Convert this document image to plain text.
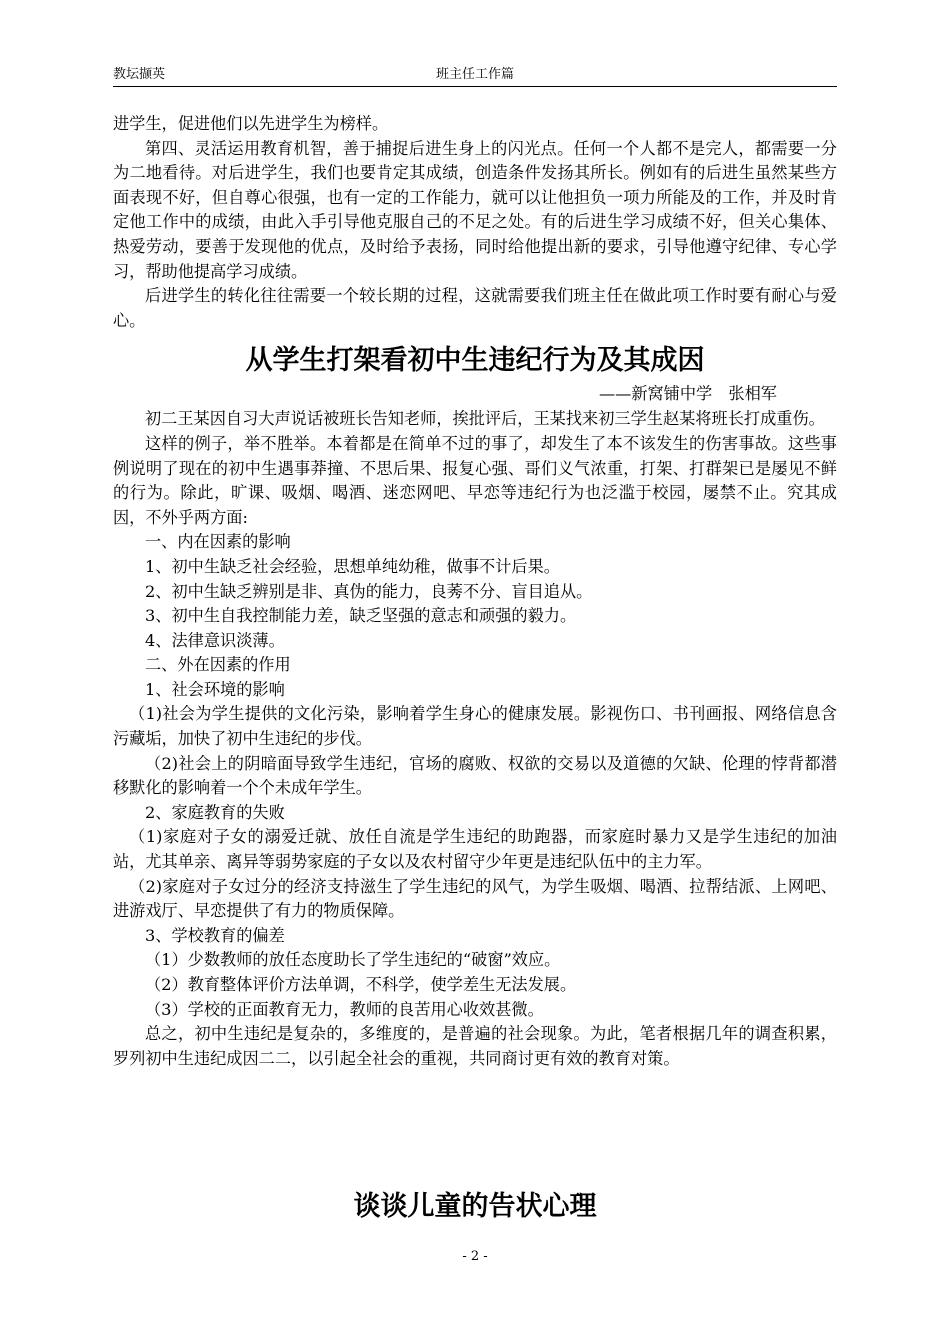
教坛撷英	班主任工作篇

进学生，促进他们以先进学生为榜样。

第四、灵活运用教育机智，善于捕捉后进生身上的闪光点。任何一个人都不是完人，都需要一分为二地看待。对后进学生，我们也要肯定其成绩，创造条件发扬其所长。例如有的后进生虽然某些方面表现不好，但自尊心很强，也有一定的工作能力，就可以让他担负一项力所能及的工作，并及时肯定他工作中的成绩，由此入手引导他克服自己的不足之处。有的后进生学习成绩不好，但关心集体、热爱劳动，要善于发现他的优点，及时给予表扬，同时给他提出新的要求，引导他遵守纪律、专心学习，帮助他提高学习成绩。

后进学生的转化往往需要一个较长期的过程，这就需要我们班主任在做此项工作时要有耐心与爱心。

从学生打架看初中生违纪行为及其成因

——新窝铺中学　张相军

初二王某因自习大声说话被班长告知老师，挨批评后，王某找来初三学生赵某将班长打成重伤。

这样的例子，举不胜举。本着都是在简单不过的事了，却发生了本不该发生的伤害事故。这些事例说明了现在的初中生遇事莽撞、不思后果、报复心强、哥们义气浓重，打架、打群架已是屡见不鲜的行为。除此，旷课、吸烟、喝酒、迷恋网吧、早恋等违纪行为也泛滥于校园，屡禁不止。究其成因，不外乎两方面:

一、内在因素的影响

1、初中生缺乏社会经验，思想单纯幼稚，做事不计后果。

2、初中生缺乏辨别是非、真伪的能力，良莠不分、盲目追从。

3、初中生自我控制能力差，缺乏坚强的意志和顽强的毅力。

4、法律意识淡薄。

二、外在因素的作用

1、社会环境的影响

（1)社会为学生提供的文化污染，影响着学生身心的健康发展。影视伤口、书刊画报、网络信息含污藏垢，加快了初中生违纪的步伐。

（2)社会上的阴暗面导致学生违纪，官场的腐败、权欲的交易以及道德的欠缺、伦理的悖背都潜移默化的影响着一个个未成年学生。

2、家庭教育的失败

（1)家庭对子女的溺爱迁就、放任自流是学生违纪的助跑器，而家庭时暴力又是学生违纪的加油站，尤其单亲、离异等弱势家庭的子女以及农村留守少年更是违纪队伍中的主力军。

（2)家庭对子女过分的经济支持滋生了学生违纪的风气，为学生吸烟、喝酒、拉帮结派、上网吧、进游戏厅、早恋提供了有力的物质保障。

3、学校教育的偏差

（1）少数教师的放任态度助长了学生违纪的“破窗”效应。

（2）教育整体评价方法单调，不科学，使学差生无法发展。

（3）学校的正面教育无力，教师的良苦用心收效甚微。

总之，初中生违纪是复杂的，多维度的，是普遍的社会现象。为此，笔者根据几年的调查积累，罗列初中生违纪成因二二，以引起全社会的重视，共同商讨更有效的教育对策。

谈谈儿童的告状心理
- 2 -
